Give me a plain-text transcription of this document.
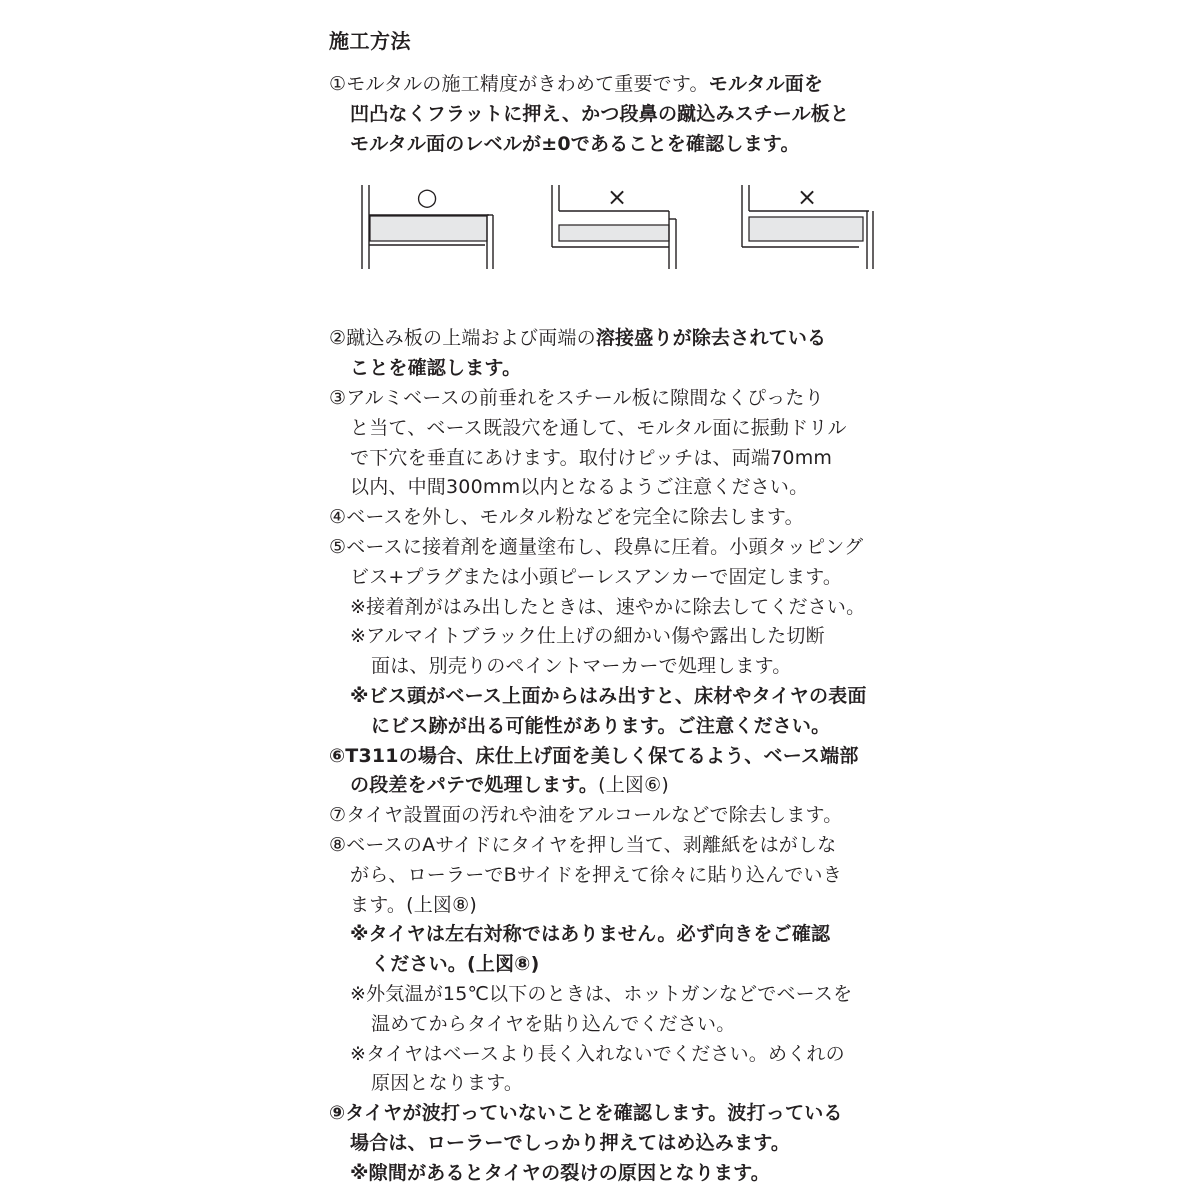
施工方法
①モルタルの施工精度がきわめて重要です。モルタル面を
凹凸なくフラットに押え、かつ段鼻の蹴込みスチール板と
モルタル面のレベルが±0であることを確認します。
○	×	×
②蹴込み板の上端および両端の溶接盛りが除去されている
ことを確認します。
③アルミベースの前垂れをスチール板に隙間なくぴったり
と当て、ベース既設穴を通して、モルタル面に振動ドリル
で下穴を垂直にあけます。取付けピッチは、両端70mm
以内、中間300mm以内となるようご注意ください。
④ベースを外し、モルタル粉などを完全に除去します。
⑤ベースに接着剤を適量塗布し、段鼻に圧着。小頭タッピング
ビス+プラグまたは小頭ピーレスアンカーで固定します。
※接着剤がはみ出したときは、速やかに除去してください。
※アルマイトブラック仕上げの細かい傷や露出した切断
面は、別売りのペイントマーカーで処理します。
※ビス頭がベース上面からはみ出すと、床材やタイヤの表面
にビス跡が出る可能性があります。ご注意ください。
⑥T311の場合、床仕上げ面を美しく保てるよう、ベース端部
の段差をパテで処理します。(上図⑥)
⑦タイヤ設置面の汚れや油をアルコールなどで除去します。
⑧ベースのAサイドにタイヤを押し当て、剥離紙をはがしな
がら、ローラーでBサイドを押えて徐々に貼り込んでいき
ます。(上図⑧)
※タイヤは左右対称ではありません。必ず向きをご確認
ください。(上図⑧)
※外気温が15℃以下のときは、ホットガンなどでベースを
温めてからタイヤを貼り込んでください。
※タイヤはベースより長く入れないでください。めくれの
原因となります。
⑨タイヤが波打っていないことを確認します。波打っている
場合は、ローラーでしっかり押えてはめ込みます。
※隙間があるとタイヤの裂けの原因となります。
